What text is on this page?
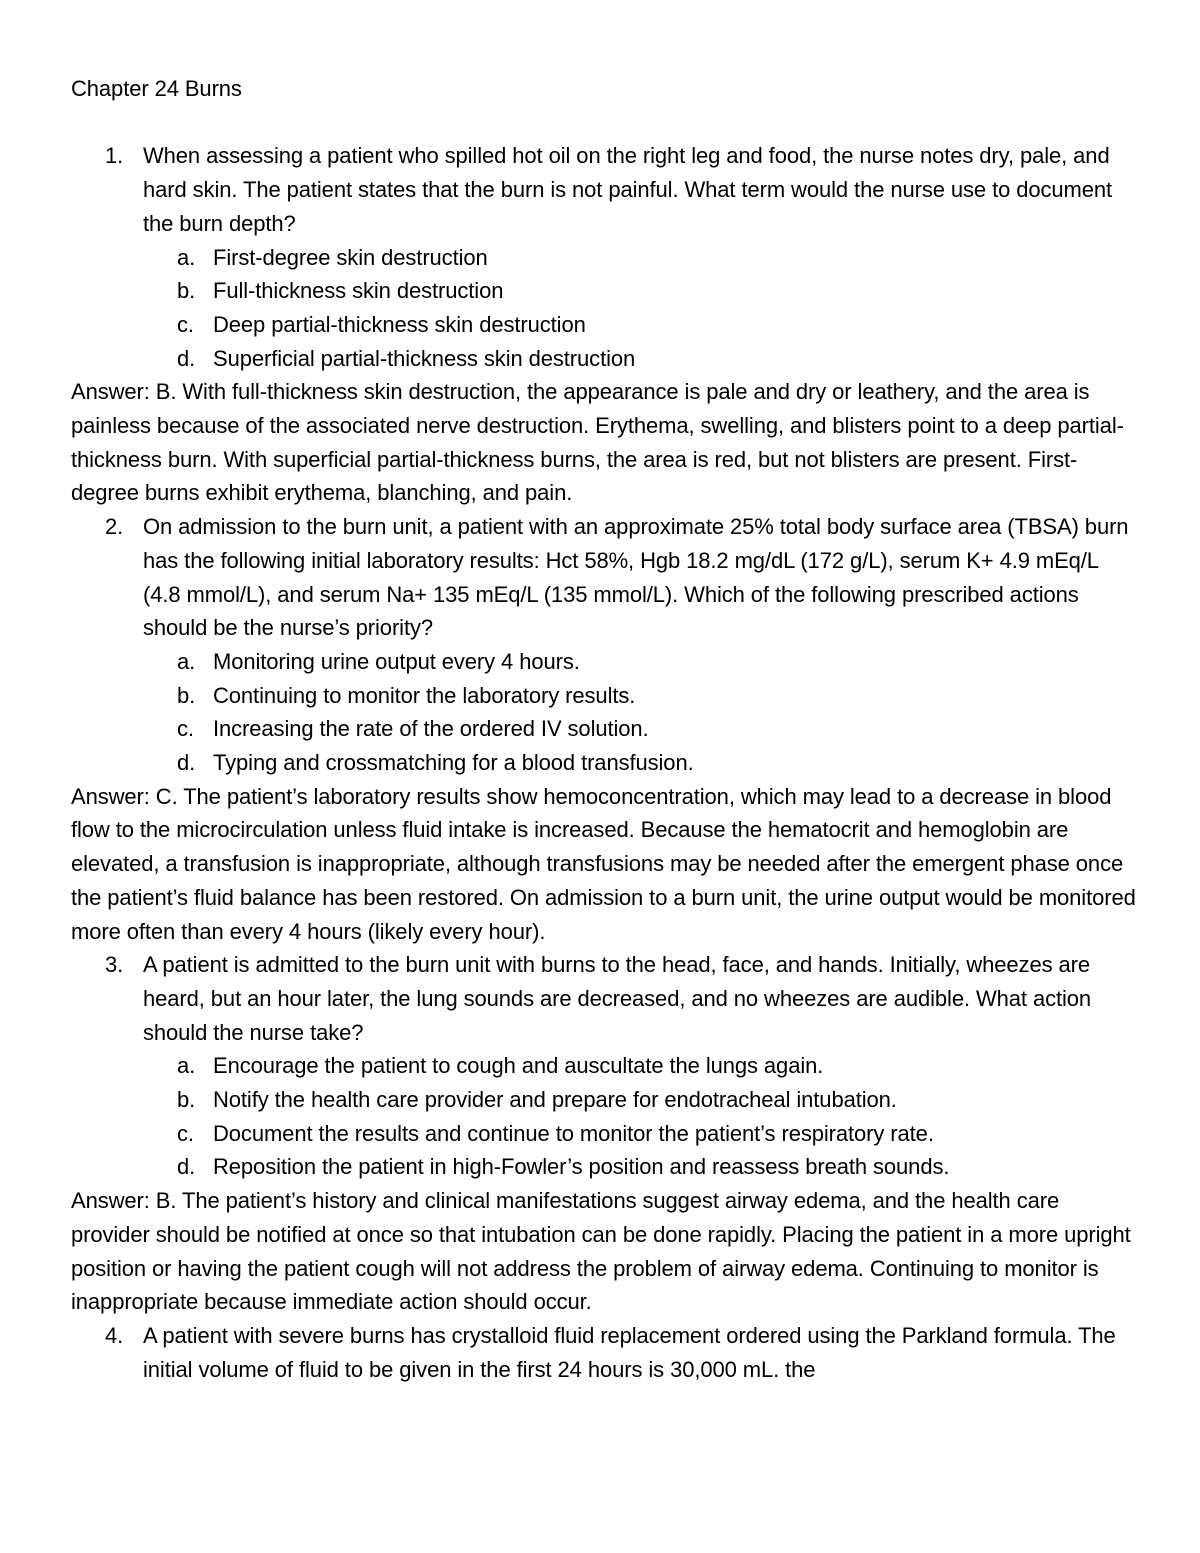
Chapter 24 Burns
1. When assessing a patient who spilled hot oil on the right leg and food, the nurse notes dry, pale, and hard skin. The patient states that the burn is not painful. What term would the nurse use to document the burn depth?
a. First-degree skin destruction
b. Full-thickness skin destruction
c. Deep partial-thickness skin destruction
d. Superficial partial-thickness skin destruction

Answer: B. With full-thickness skin destruction, the appearance is pale and dry or leathery, and the area is painless because of the associated nerve destruction. Erythema, swelling, and blisters point to a deep partial-thickness burn. With superficial partial-thickness burns, the area is red, but not blisters are present. First-degree burns exhibit erythema, blanching, and pain.

2. On admission to the burn unit, a patient with an approximate 25% total body surface area (TBSA) burn has the following initial laboratory results: Hct 58%, Hgb 18.2 mg/dL (172 g/L), serum K+ 4.9 mEq/L (4.8 mmol/L), and serum Na+ 135 mEq/L (135 mmol/L). Which of the following prescribed actions should be the nurse’s priority?
a. Monitoring urine output every 4 hours.
b. Continuing to monitor the laboratory results.
c. Increasing the rate of the ordered IV solution.
d. Typing and crossmatching for a blood transfusion.

Answer: C. The patient’s laboratory results show hemoconcentration, which may lead to a decrease in blood flow to the microcirculation unless fluid intake is increased. Because the hematocrit and hemoglobin are elevated, a transfusion is inappropriate, although transfusions may be needed after the emergent phase once the patient’s fluid balance has been restored. On admission to a burn unit, the urine output would be monitored more often than every 4 hours (likely every hour).

3. A patient is admitted to the burn unit with burns to the head, face, and hands. Initially, wheezes are heard, but an hour later, the lung sounds are decreased, and no wheezes are audible. What action should the nurse take?
a. Encourage the patient to cough and auscultate the lungs again.
b. Notify the health care provider and prepare for endotracheal intubation.
c. Document the results and continue to monitor the patient’s respiratory rate.
d. Reposition the patient in high-Fowler’s position and reassess breath sounds.

Answer: B. The patient’s history and clinical manifestations suggest airway edema, and the health care provider should be notified at once so that intubation can be done rapidly. Placing the patient in a more upright position or having the patient cough will not address the problem of airway edema. Continuing to monitor is inappropriate because immediate action should occur.

4. A patient with severe burns has crystalloid fluid replacement ordered using the Parkland formula. The initial volume of fluid to be given in the first 24 hours is 30,000 mL. the
